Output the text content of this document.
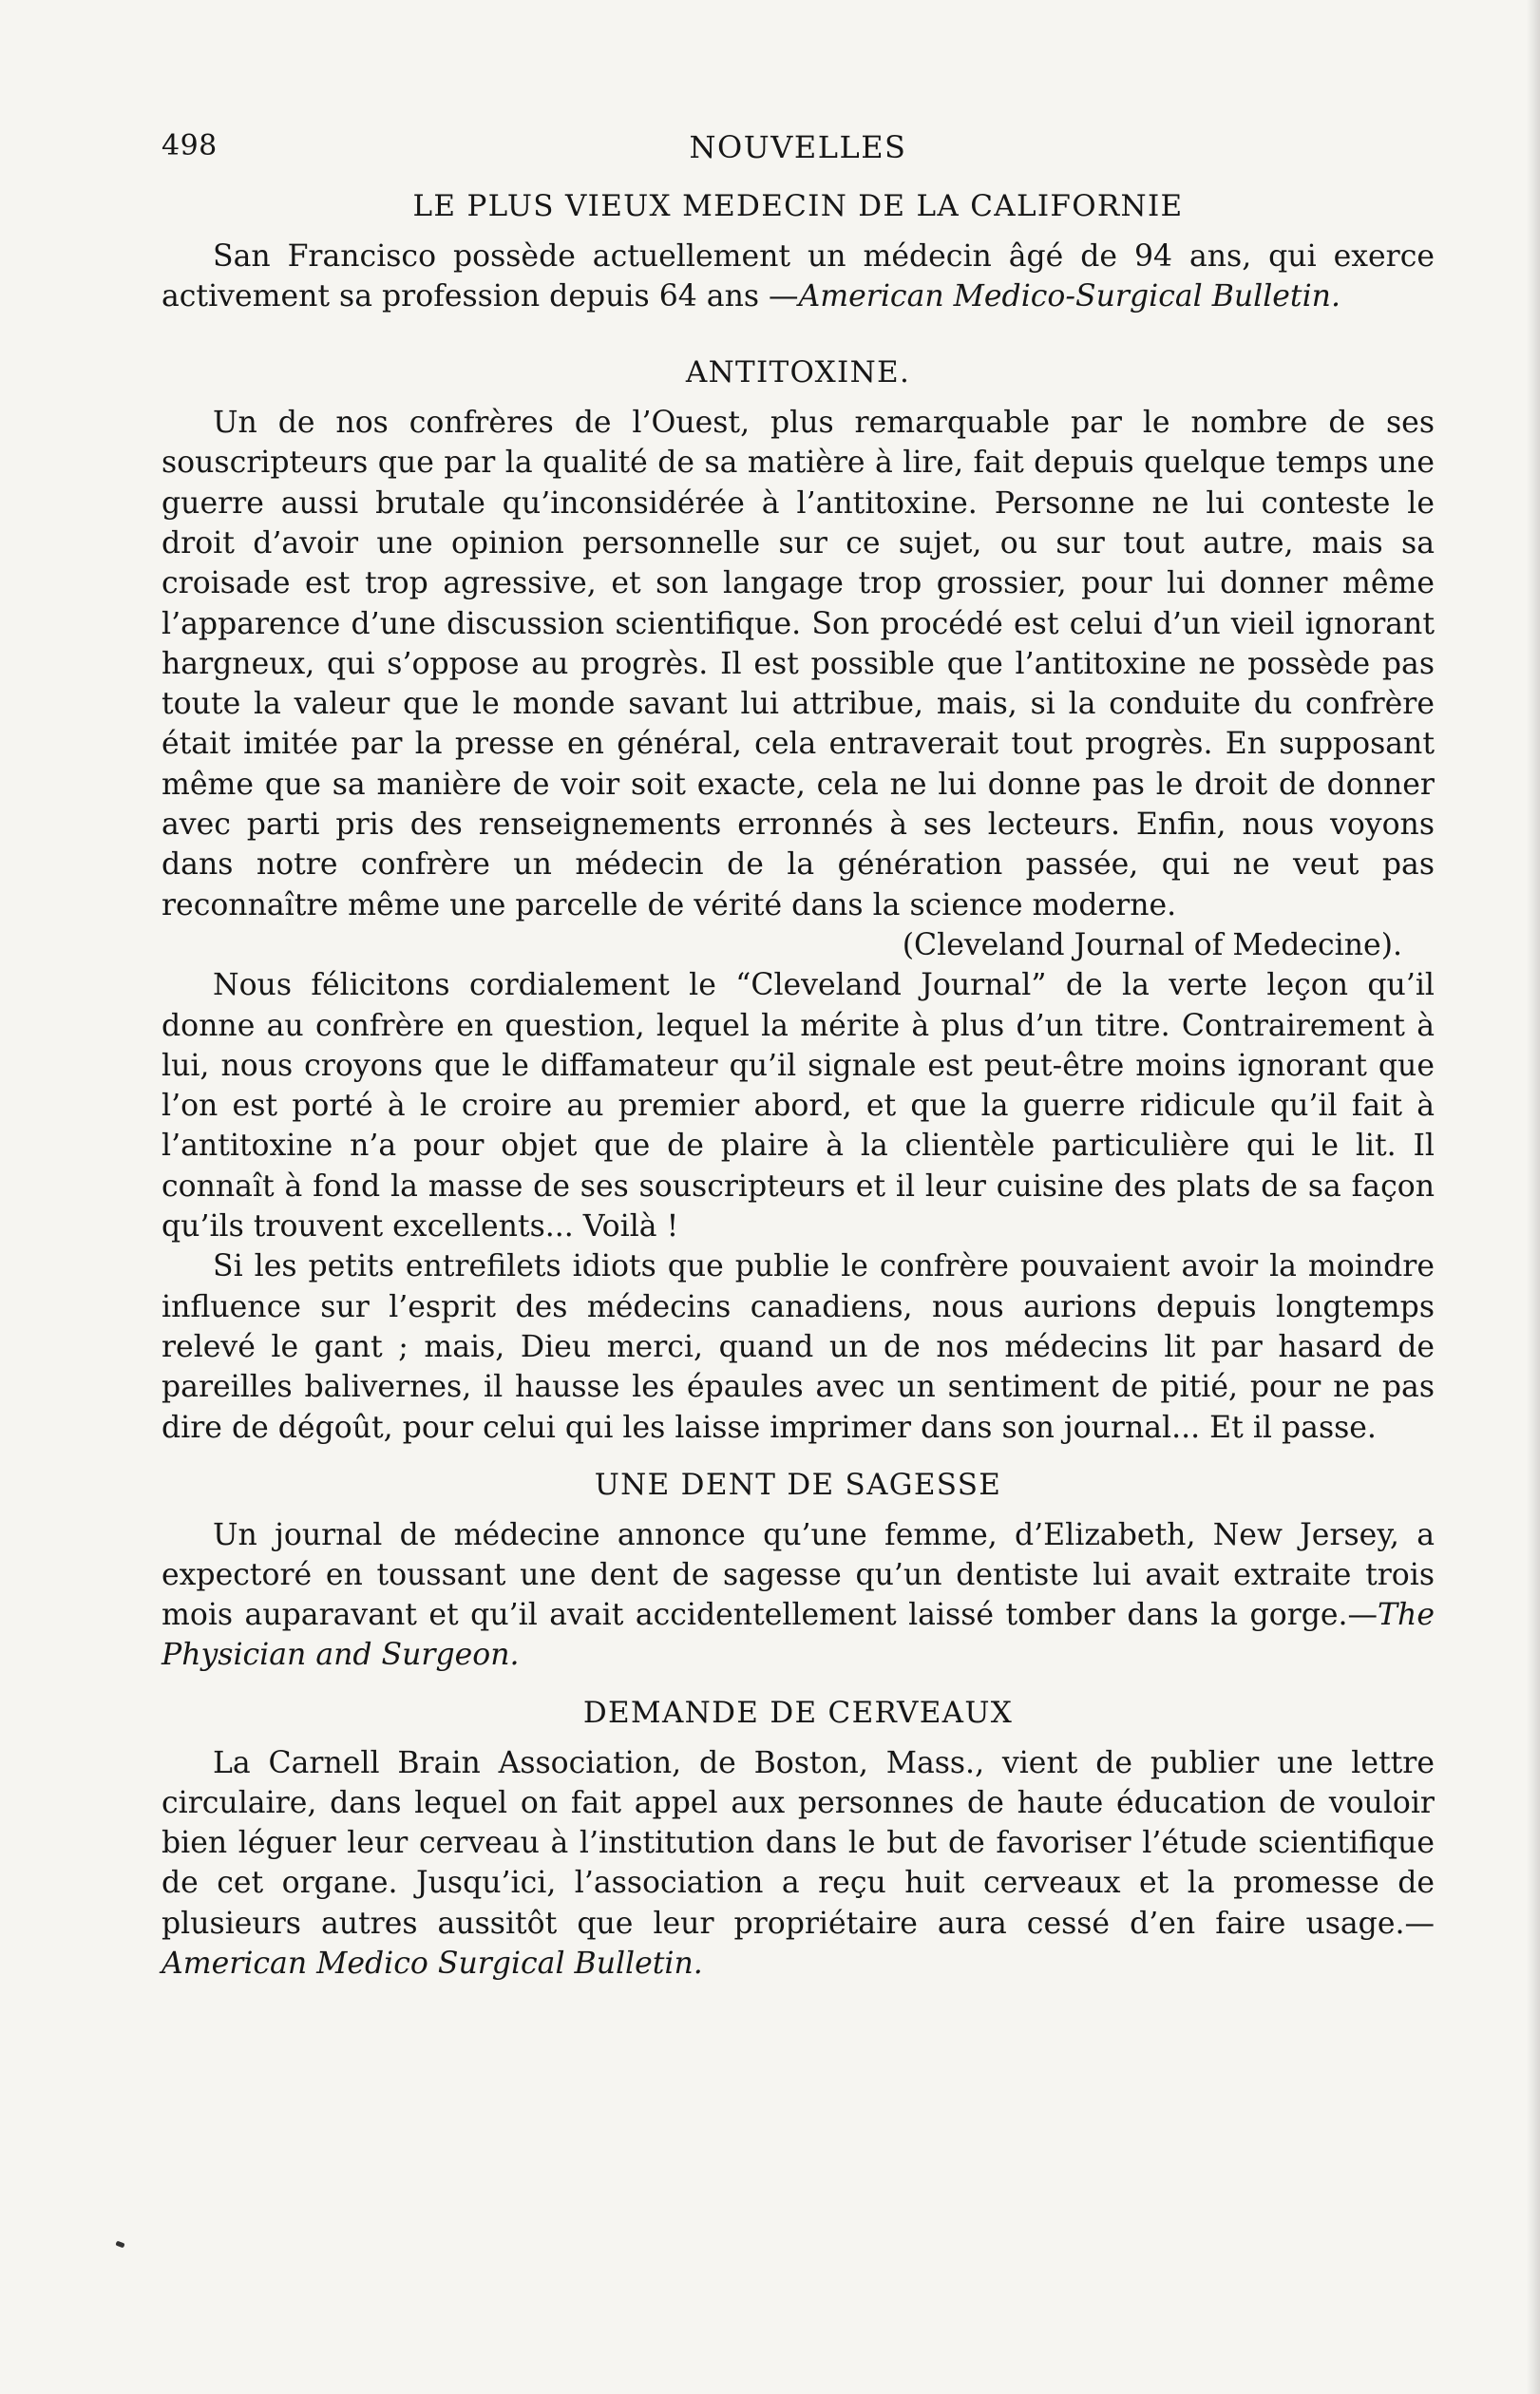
498	NOUVELLES
LE PLUS VIEUX MEDECIN DE LA CALIFORNIE

San Francisco possède actuellement un médecin âgé de 94 ans, qui exerce activement sa profession depuis 64 ans —American Medico-Surgical Bulletin.

ANTITOXINE.

Un de nos confrères de l’Ouest, plus remarquable par le nombre de ses souscripteurs que par la qualité de sa matière à lire, fait depuis quelque temps une guerre aussi brutale qu’inconsidérée à l’antitoxine. Personne ne lui conteste le droit d’avoir une opinion personnelle sur ce sujet, ou sur tout autre, mais sa croisade est trop agressive, et son langage trop grossier, pour lui donner même l’apparence d’une discussion scientifique. Son procédé est celui d’un vieil ignorant hargneux, qui s’oppose au progrès. Il est possible que l’antitoxine ne possède pas toute la valeur que le monde savant lui attribue, mais, si la conduite du confrère était imitée par la presse en général, cela entraverait tout progrès. En supposant même que sa manière de voir soit exacte, cela ne lui donne pas le droit de donner avec parti pris des renseignements erronnés à ses lecteurs. Enfin, nous voyons dans notre confrère un médecin de la génération passée, qui ne veut pas reconnaître même une parcelle de vérité dans la science moderne.

(Cleveland Journal of Medecine).

Nous félicitons cordialement le “Cleveland Journal” de la verte leçon qu’il donne au confrère en question, lequel la mérite à plus d’un titre. Contrairement à lui, nous croyons que le diffamateur qu’il signale est peut-être moins ignorant que l’on est porté à le croire au premier abord, et que la guerre ridicule qu’il fait à l’antitoxine n’a pour objet que de plaire à la clientèle particulière qui le lit. Il connaît à fond la masse de ses souscripteurs et il leur cuisine des plats de sa façon qu’ils trouvent excellents... Voilà !

Si les petits entrefilets idiots que publie le confrère pouvaient avoir la moindre influence sur l’esprit des médecins canadiens, nous aurions depuis longtemps relevé le gant ; mais, Dieu merci, quand un de nos médecins lit par hasard de pareilles balivernes, il hausse les épaules avec un sentiment de pitié, pour ne pas dire de dégoût, pour celui qui les laisse imprimer dans son journal... Et il passe.

UNE DENT DE SAGESSE

Un journal de médecine annonce qu’une femme, d’Elizabeth, New Jersey, a expectoré en toussant une dent de sagesse qu’un dentiste lui avait extraite trois mois auparavant et qu’il avait accidentellement laissé tomber dans la gorge.—The Physician and Surgeon.

DEMANDE DE CERVEAUX

La Carnell Brain Association, de Boston, Mass., vient de publier une lettre circulaire, dans lequel on fait appel aux personnes de haute éducation de vouloir bien léguer leur cerveau à l’institution dans le but de favoriser l’étude scientifique de cet organe. Jusqu’ici, l’association a reçu huit cerveaux et la promesse de plusieurs autres aussitôt que leur propriétaire aura cessé d’en faire usage.—American Medico Surgical Bulletin.
